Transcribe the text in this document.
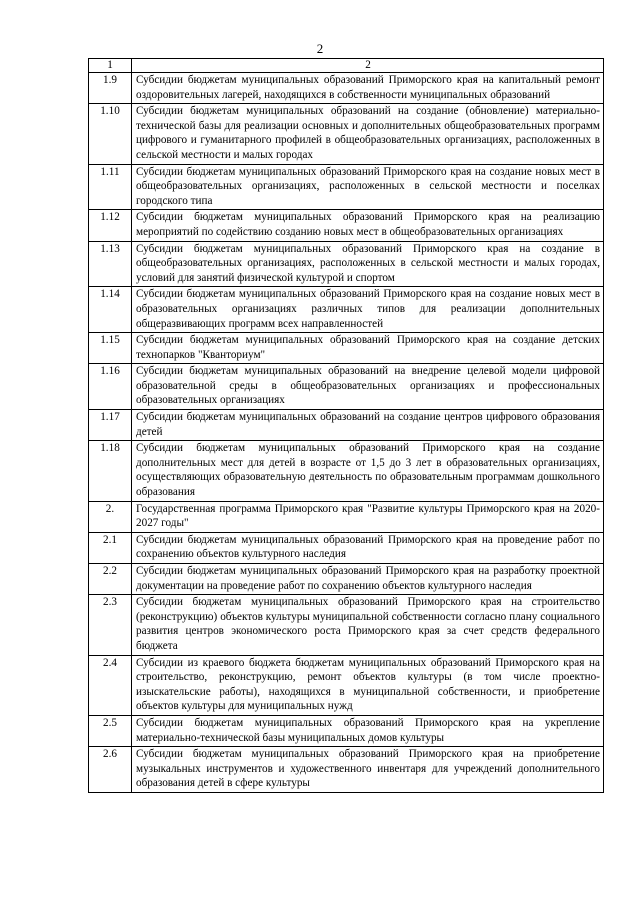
2
1	2
1.9	Субсидии бюджетам муниципальных образований Приморского края на капитальный ремонт оздоровительных лагерей, находящихся в собственности муниципальных образований
1.10	Субсидии бюджетам муниципальных образований на создание (обновление) материально-технической базы для реализации основных и дополнительных общеобразовательных программ цифрового и гуманитарного профилей в общеобразовательных организациях, расположенных в сельской местности и малых городах
1.11	Субсидии бюджетам муниципальных образований Приморского края на создание новых мест в общеобразовательных организациях, расположенных в сельской местности и поселках городского типа
1.12	Субсидии бюджетам муниципальных образований Приморского края на реализацию мероприятий по содействию созданию новых мест в общеобразовательных организациях
1.13	Субсидии бюджетам муниципальных образований Приморского края на создание в общеобразовательных организациях, расположенных в сельской местности и малых городах, условий для занятий физической культурой и спортом
1.14	Субсидии бюджетам муниципальных образований Приморского края на создание новых мест в образовательных организациях различных типов для реализации дополнительных общеразвивающих программ всех направленностей
1.15	Субсидии бюджетам муниципальных образований Приморского края на создание детских технопарков "Кванториум"
1.16	Субсидии бюджетам муниципальных образований на внедрение целевой модели цифровой образовательной среды в общеобразовательных организациях и профессиональных образовательных организациях
1.17	Субсидии бюджетам муниципальных образований на создание центров цифрового образования детей
1.18	Субсидии бюджетам муниципальных образований Приморского края на создание дополнительных мест для детей в возрасте от 1,5 до 3 лет в образовательных организациях, осуществляющих образовательную деятельность по образовательным программам дошкольного образования
2.	Государственная программа Приморского края "Развитие культуры Приморского края на 2020-2027 годы"
2.1	Субсидии бюджетам муниципальных образований Приморского края на проведение работ по сохранению объектов культурного наследия
2.2	Субсидии бюджетам муниципальных образований Приморского края на разработку проектной документации на проведение работ по сохранению объектов культурного наследия
2.3	Субсидии бюджетам муниципальных образований Приморского края на строительство (реконструкцию) объектов культуры муниципальной собственности согласно плану социального развития центров экономического роста Приморского края за счет средств федерального бюджета
2.4	Субсидии из краевого бюджета бюджетам муниципальных образований Приморского края на строительство, реконструкцию, ремонт объектов культуры (в том числе проектно-изыскательские работы), находящихся в муниципальной собственности, и приобретение объектов культуры для муниципальных нужд
2.5	Субсидии бюджетам муниципальных образований Приморского края на укрепление материально-технической базы муниципальных домов культуры
2.6	Субсидии бюджетам муниципальных образований Приморского края на приобретение музыкальных инструментов и художественного инвентаря для учреждений дополнительного образования детей в сфере культуры
